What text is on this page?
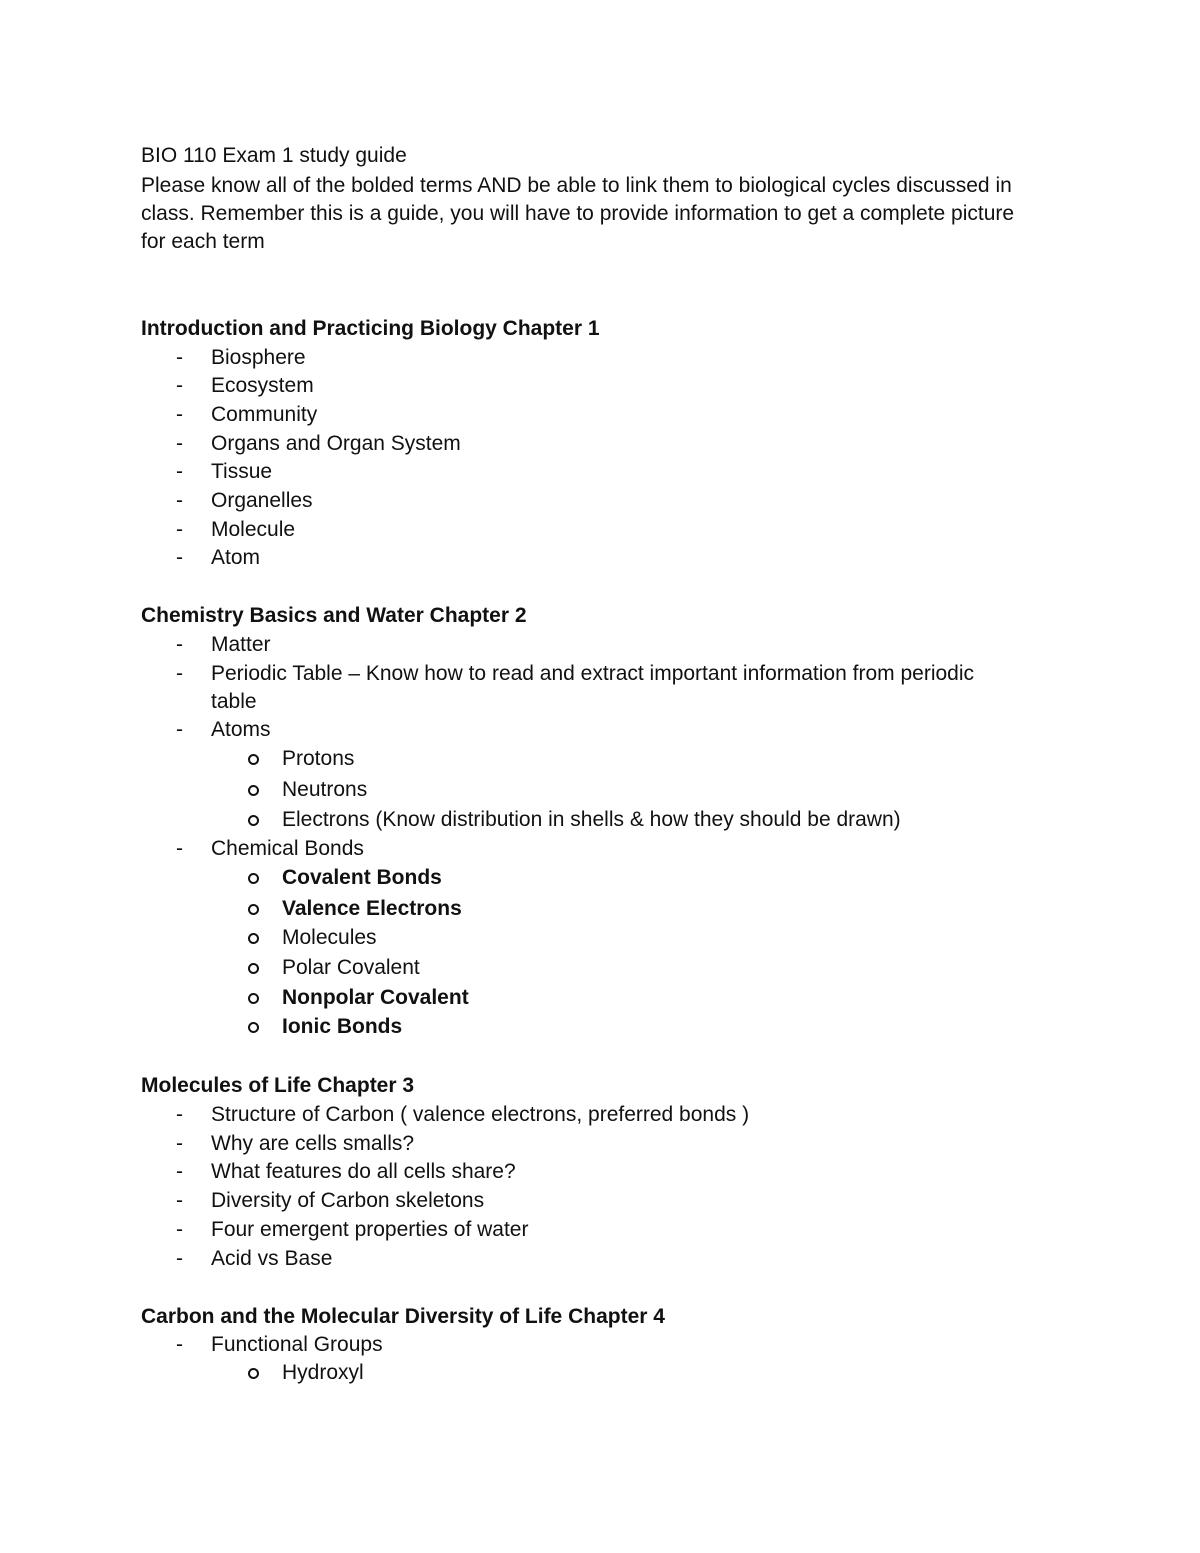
BIO 110 Exam 1 study guide
Please know all of the bolded terms AND be able to link them to biological cycles discussed in
class. Remember this is a guide, you will have to provide information to get a complete picture
for each term
Introduction and Practicing Biology Chapter 1
-
Biosphere
-
Ecosystem
-
Community
-
Organs and Organ System
-
Tissue
-
Organelles
-
Molecule
-
Atom
Chemistry Basics and Water Chapter 2
-
Matter
-
Periodic Table – Know how to read and extract important information from periodic
table
-
Atoms
Protons
Neutrons
Electrons (Know distribution in shells & how they should be drawn)
-
Chemical Bonds
Covalent Bonds
Valence Electrons
Molecules
Polar Covalent
Nonpolar Covalent
Ionic Bonds
Molecules of Life Chapter 3
-
Structure of Carbon ( valence electrons, preferred bonds )
-
Why are cells smalls?
-
What features do all cells share?
-
Diversity of Carbon skeletons
-
Four emergent properties of water
-
Acid vs Base
Carbon and the Molecular Diversity of Life Chapter 4
-
Functional Groups
Hydroxyl
